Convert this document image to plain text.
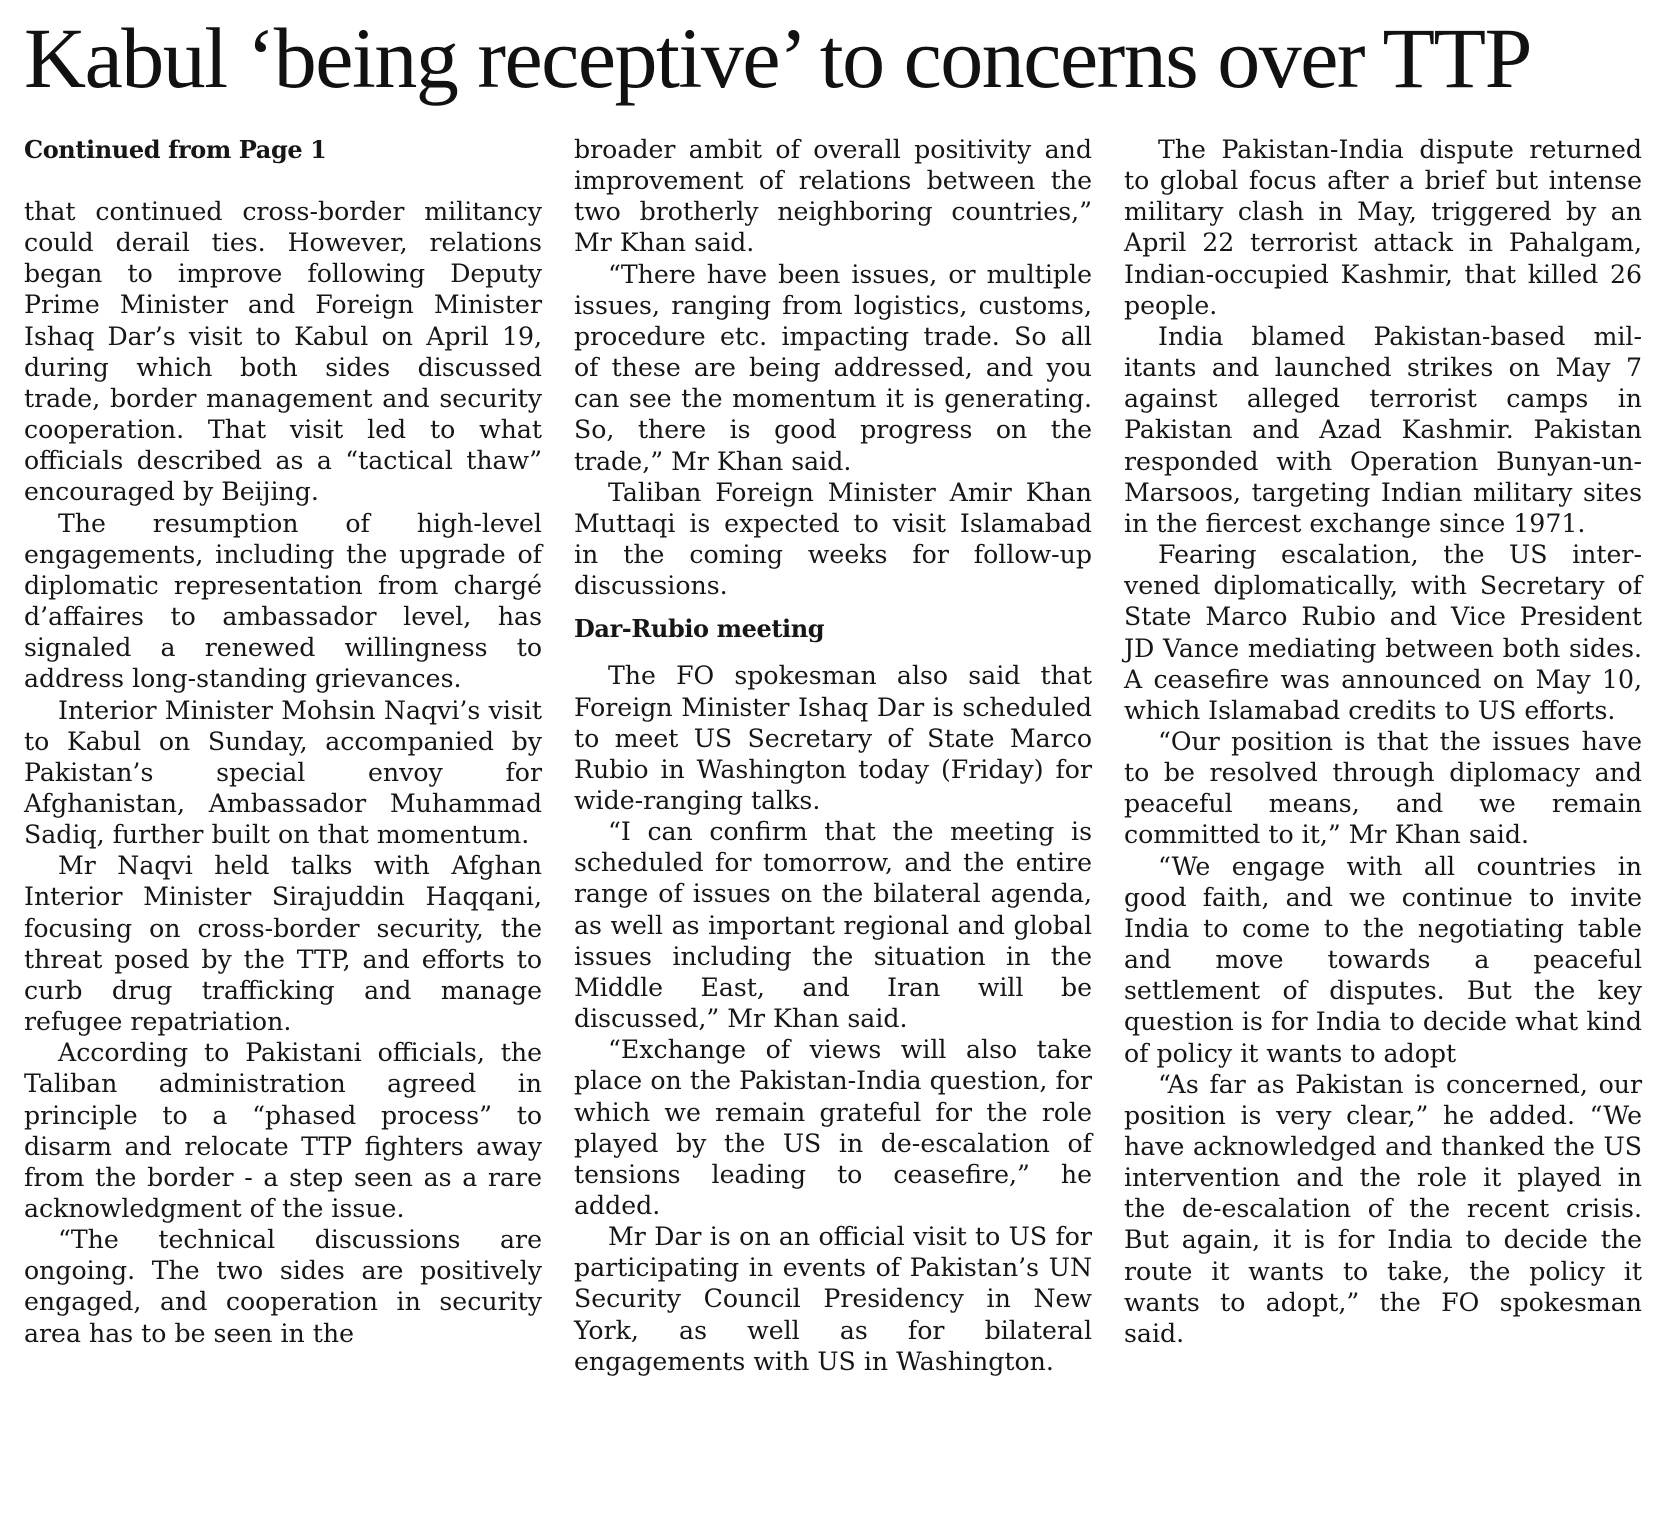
Kabul ‘being receptive’ to concerns over TTP
Continued from Page 1

that continued cross-border militancy could derail ties. However, relations began to improve following Deputy Prime Minister and Foreign Minister Ishaq Dar’s visit to Kabul on April 19, during which both sides discussed trade, border management and security cooperation. That visit led to what officials described as a “tactical thaw” encouraged by Beijing.

The resumption of high-level engagements, including the upgrade of diplomatic representation from chargé d’affaires to ambassador level, has signaled a renewed willingness to address long-standing grievances.

Interior Minister Mohsin Naqvi’s visit to Kabul on Sunday, accompanied by Pakistan’s special envoy for Afghanistan, Ambassador Muhammad Sadiq, further built on that momentum.

Mr Naqvi held talks with Afghan Interior Minister Sirajuddin Haqqani, focusing on cross-border security, the threat posed by the TTP, and efforts to curb drug trafficking and manage refugee repatriation.

According to Pakistani officials, the Taliban administration agreed in principle to a “phased process” to disarm and relocate TTP fighters away from the border - a step seen as a rare acknowledgment of the issue.

“The technical discussions are ongoing. The two sides are positively engaged, and cooperation in security area has to be seen in the

broader ambit of overall positivity and improvement of relations between the two brotherly neighboring countries,” Mr Khan said.

“There have been issues, or multiple issues, ranging from logistics, customs, procedure etc. impacting trade. So all of these are being addressed, and you can see the momentum it is generating. So, there is good progress on the trade,” Mr Khan said.

Taliban Foreign Minister Amir Khan Muttaqi is expected to visit Islamabad in the coming weeks for follow-up discussions.

Dar-Rubio meeting

The FO spokesman also said that Foreign Minister Ishaq Dar is scheduled to meet US Secretary of State Marco Rubio in Washington today (Friday) for wide-ranging talks.

“I can confirm that the meeting is scheduled for tomorrow, and the entire range of issues on the bilateral agenda, as well as important regional and global issues including the situation in the Middle East, and Iran will be discussed,” Mr Khan said.

“Exchange of views will also take place on the Pakistan-India question, for which we remain grateful for the role played by the US in de-escalation of tensions leading to ceasefire,” he added.

Mr Dar is on an official visit to US for participating in events of Pakistan’s UN Security Council Presidency in New York, as well as for bilateral engagements with US in Washington.

The Pakistan-India dispute returned to global focus after a brief but intense military clash in May, triggered by an April 22 terrorist attack in Pahalgam, Indian-occupied Kashmir, that killed 26 people.

India blamed Pakistan-based militants and launched strikes on May 7 against alleged terrorist camps in Pakistan and Azad Kashmir. Pakistan responded with Operation Bunyan-un-Marsoos, targeting Indian military sites in the fiercest exchange since 1971.

Fearing escalation, the US intervened diplomatically, with Secretary of State Marco Rubio and Vice President JD Vance mediating between both sides. A ceasefire was announced on May 10, which Islamabad credits to US efforts.

“Our position is that the issues have to be resolved through diplomacy and peaceful means, and we remain committed to it,” Mr Khan said.

“We engage with all countries in good faith, and we continue to invite India to come to the negotiating table and move towards a peaceful settlement of disputes. But the key question is for India to decide what kind of policy it wants to adopt

“As far as Pakistan is concerned, our position is very clear,” he added. “We have acknowledged and thanked the US intervention and the role it played in the de-escalation of the recent crisis. But again, it is for India to decide the route it wants to take, the policy it wants to adopt,” the FO spokesman said.
